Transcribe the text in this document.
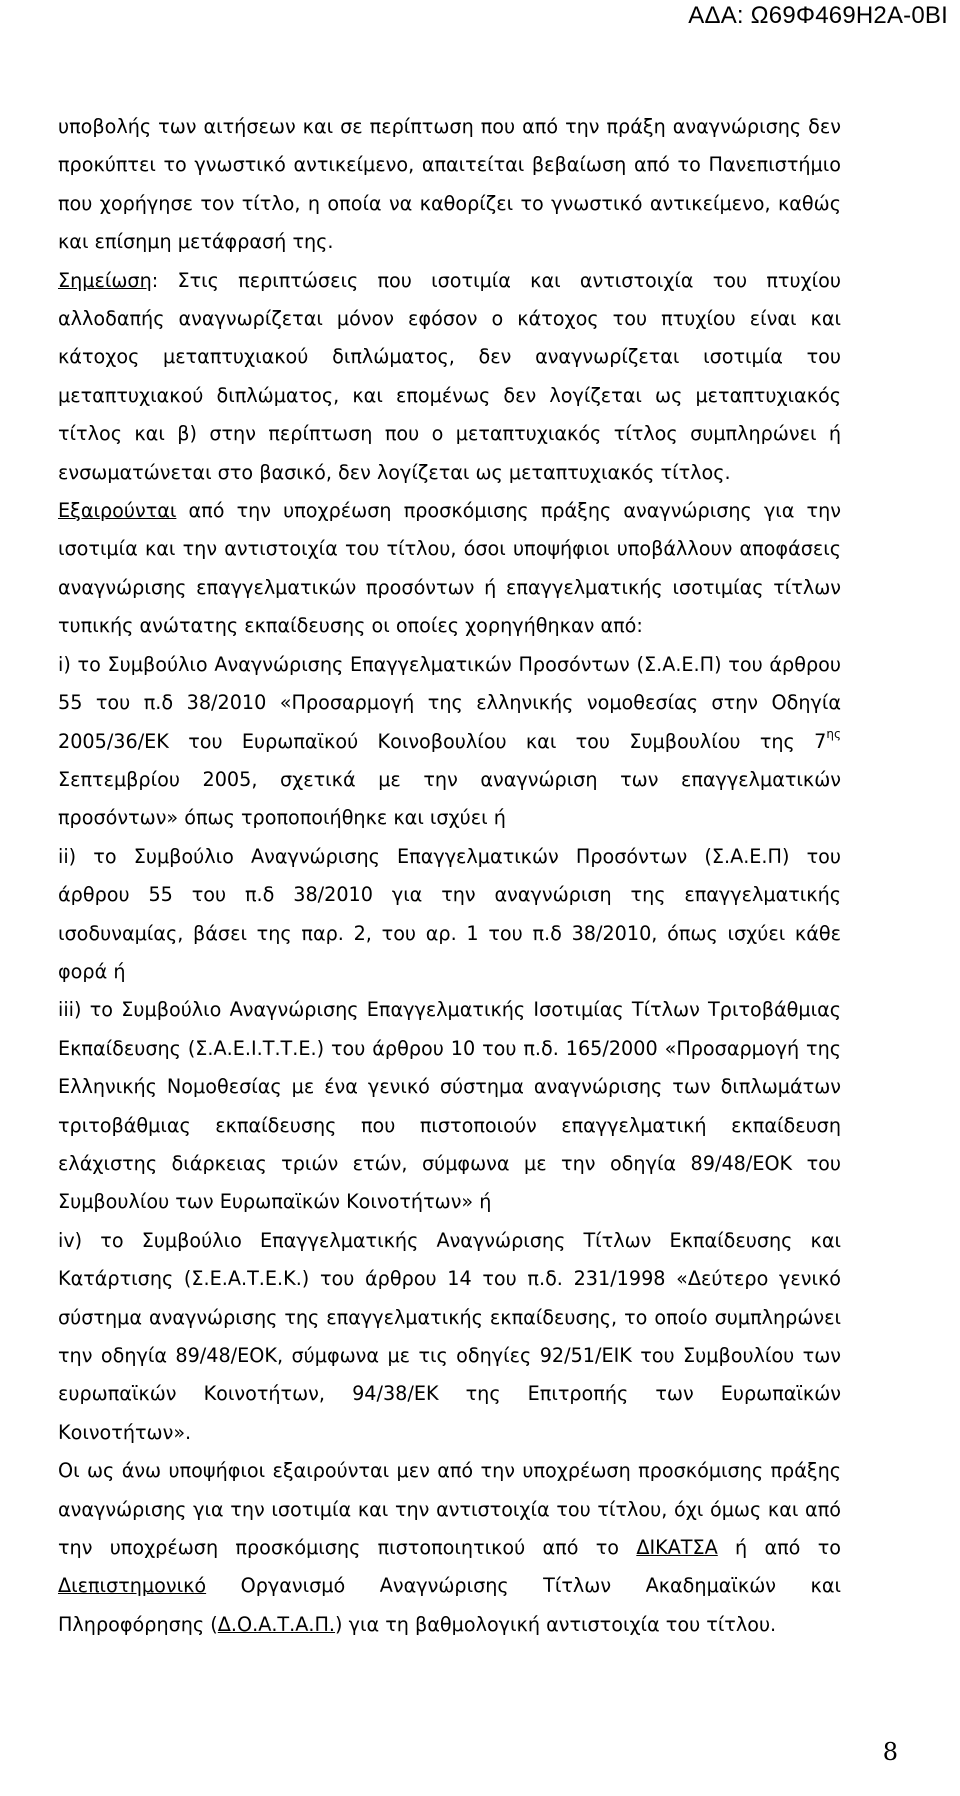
ΑΔΑ: Ω69Φ469Η2Α-0ΒΙ

υποβολής των αιτήσεων και σε περίπτωση που από την πράξη αναγνώρισης δεν προκύπτει το γνωστικό αντικείμενο, απαιτείται βεβαίωση από το Πανεπιστήμιο που χορήγησε τον τίτλο, η οποία να καθορίζει το γνωστικό αντικείμενο, καθώς και επίσημη μετάφρασή της.

Σημείωση: Στις περιπτώσεις που ισοτιμία και αντιστοιχία του πτυχίου αλλοδαπής αναγνωρίζεται μόνον εφόσον ο κάτοχος του πτυχίου είναι και κάτοχος μεταπτυχιακού διπλώματος, δεν αναγνωρίζεται ισοτιμία του μεταπτυχιακού διπλώματος, και επομένως δεν λογίζεται ως μεταπτυχιακός τίτλος και β) στην περίπτωση που ο μεταπτυχιακός τίτλος συμπληρώνει ή ενσωματώνεται στο βασικό, δεν λογίζεται ως μεταπτυχιακός τίτλος.

Εξαιρούνται από την υποχρέωση προσκόμισης πράξης αναγνώρισης για την ισοτιμία και την αντιστοιχία του τίτλου, όσοι υποψήφιοι υποβάλλουν αποφάσεις αναγνώρισης επαγγελματικών προσόντων ή επαγγελματικής ισοτιμίας τίτλων τυπικής ανώτατης εκπαίδευσης οι οποίες χορηγήθηκαν από:

i) το Συμβούλιο Αναγνώρισης Επαγγελματικών Προσόντων (Σ.Α.Ε.Π) του άρθρου 55 του π.δ 38/2010 «Προσαρμογή της ελληνικής νομοθεσίας στην Οδηγία 2005/36/ΕΚ του Ευρωπαϊκού Κοινοβουλίου και του Συμβουλίου της $7^{\eta\varsigma}$ Σεπτεμβρίου 2005, σχετικά με την αναγνώριση των επαγγελματικών προσόντων» όπως τροποποιήθηκε και ισχύει ή

ii) το Συμβούλιο Αναγνώρισης Επαγγελματικών Προσόντων (Σ.Α.Ε.Π) του άρθρου 55 του π.δ 38/2010 για την αναγνώριση της επαγγελματικής ισοδυναμίας, βάσει της παρ. 2, του αρ. 1 του π.δ 38/2010, όπως ισχύει κάθε φορά ή

iii) το Συμβούλιο Αναγνώρισης Επαγγελματικής Ισοτιμίας Τίτλων Τριτοβάθμιας Εκπαίδευσης (Σ.Α.Ε.Ι.Τ.Τ.Ε.) του άρθρου 10 του π.δ. 165/2000 «Προσαρμογή της Ελληνικής Νομοθεσίας με ένα γενικό σύστημα αναγνώρισης των διπλωμάτων τριτοβάθμιας εκπαίδευσης που πιστοποιούν επαγγελματική εκπαίδευση ελάχιστης διάρκειας τριών ετών, σύμφωνα με την οδηγία 89/48/ΕΟΚ του Συμβουλίου των Ευρωπαϊκών Κοινοτήτων» ή

iv) το Συμβούλιο Επαγγελματικής Αναγνώρισης Τίτλων Εκπαίδευσης και Κατάρτισης (Σ.Ε.Α.Τ.Ε.Κ.) του άρθρου 14 του π.δ. 231/1998 «Δεύτερο γενικό σύστημα αναγνώρισης της επαγγελματικής εκπαίδευσης, το οποίο συμπληρώνει την οδηγία 89/48/ΕΟΚ, σύμφωνα με τις οδηγίες 92/51/ΕΙΚ του Συμβουλίου των ευρωπαϊκών Κοινοτήτων, 94/38/ΕΚ της Επιτροπής των Ευρωπαϊκών Κοινοτήτων».

Οι ως άνω υποψήφιοι εξαιρούνται μεν από την υποχρέωση προσκόμισης πράξης αναγνώρισης για την ισοτιμία και την αντιστοιχία του τίτλου, όχι όμως και από την υποχρέωση προσκόμισης πιστοποιητικού από το ΔΙΚΑΤΣΑ ή από το Διεπιστημονικό Οργανισμό Αναγνώρισης Τίτλων Ακαδημαϊκών και Πληροφόρησης (Δ.Ο.Α.Τ.Α.Π.) για τη βαθμολογική αντιστοιχία του τίτλου.

8
